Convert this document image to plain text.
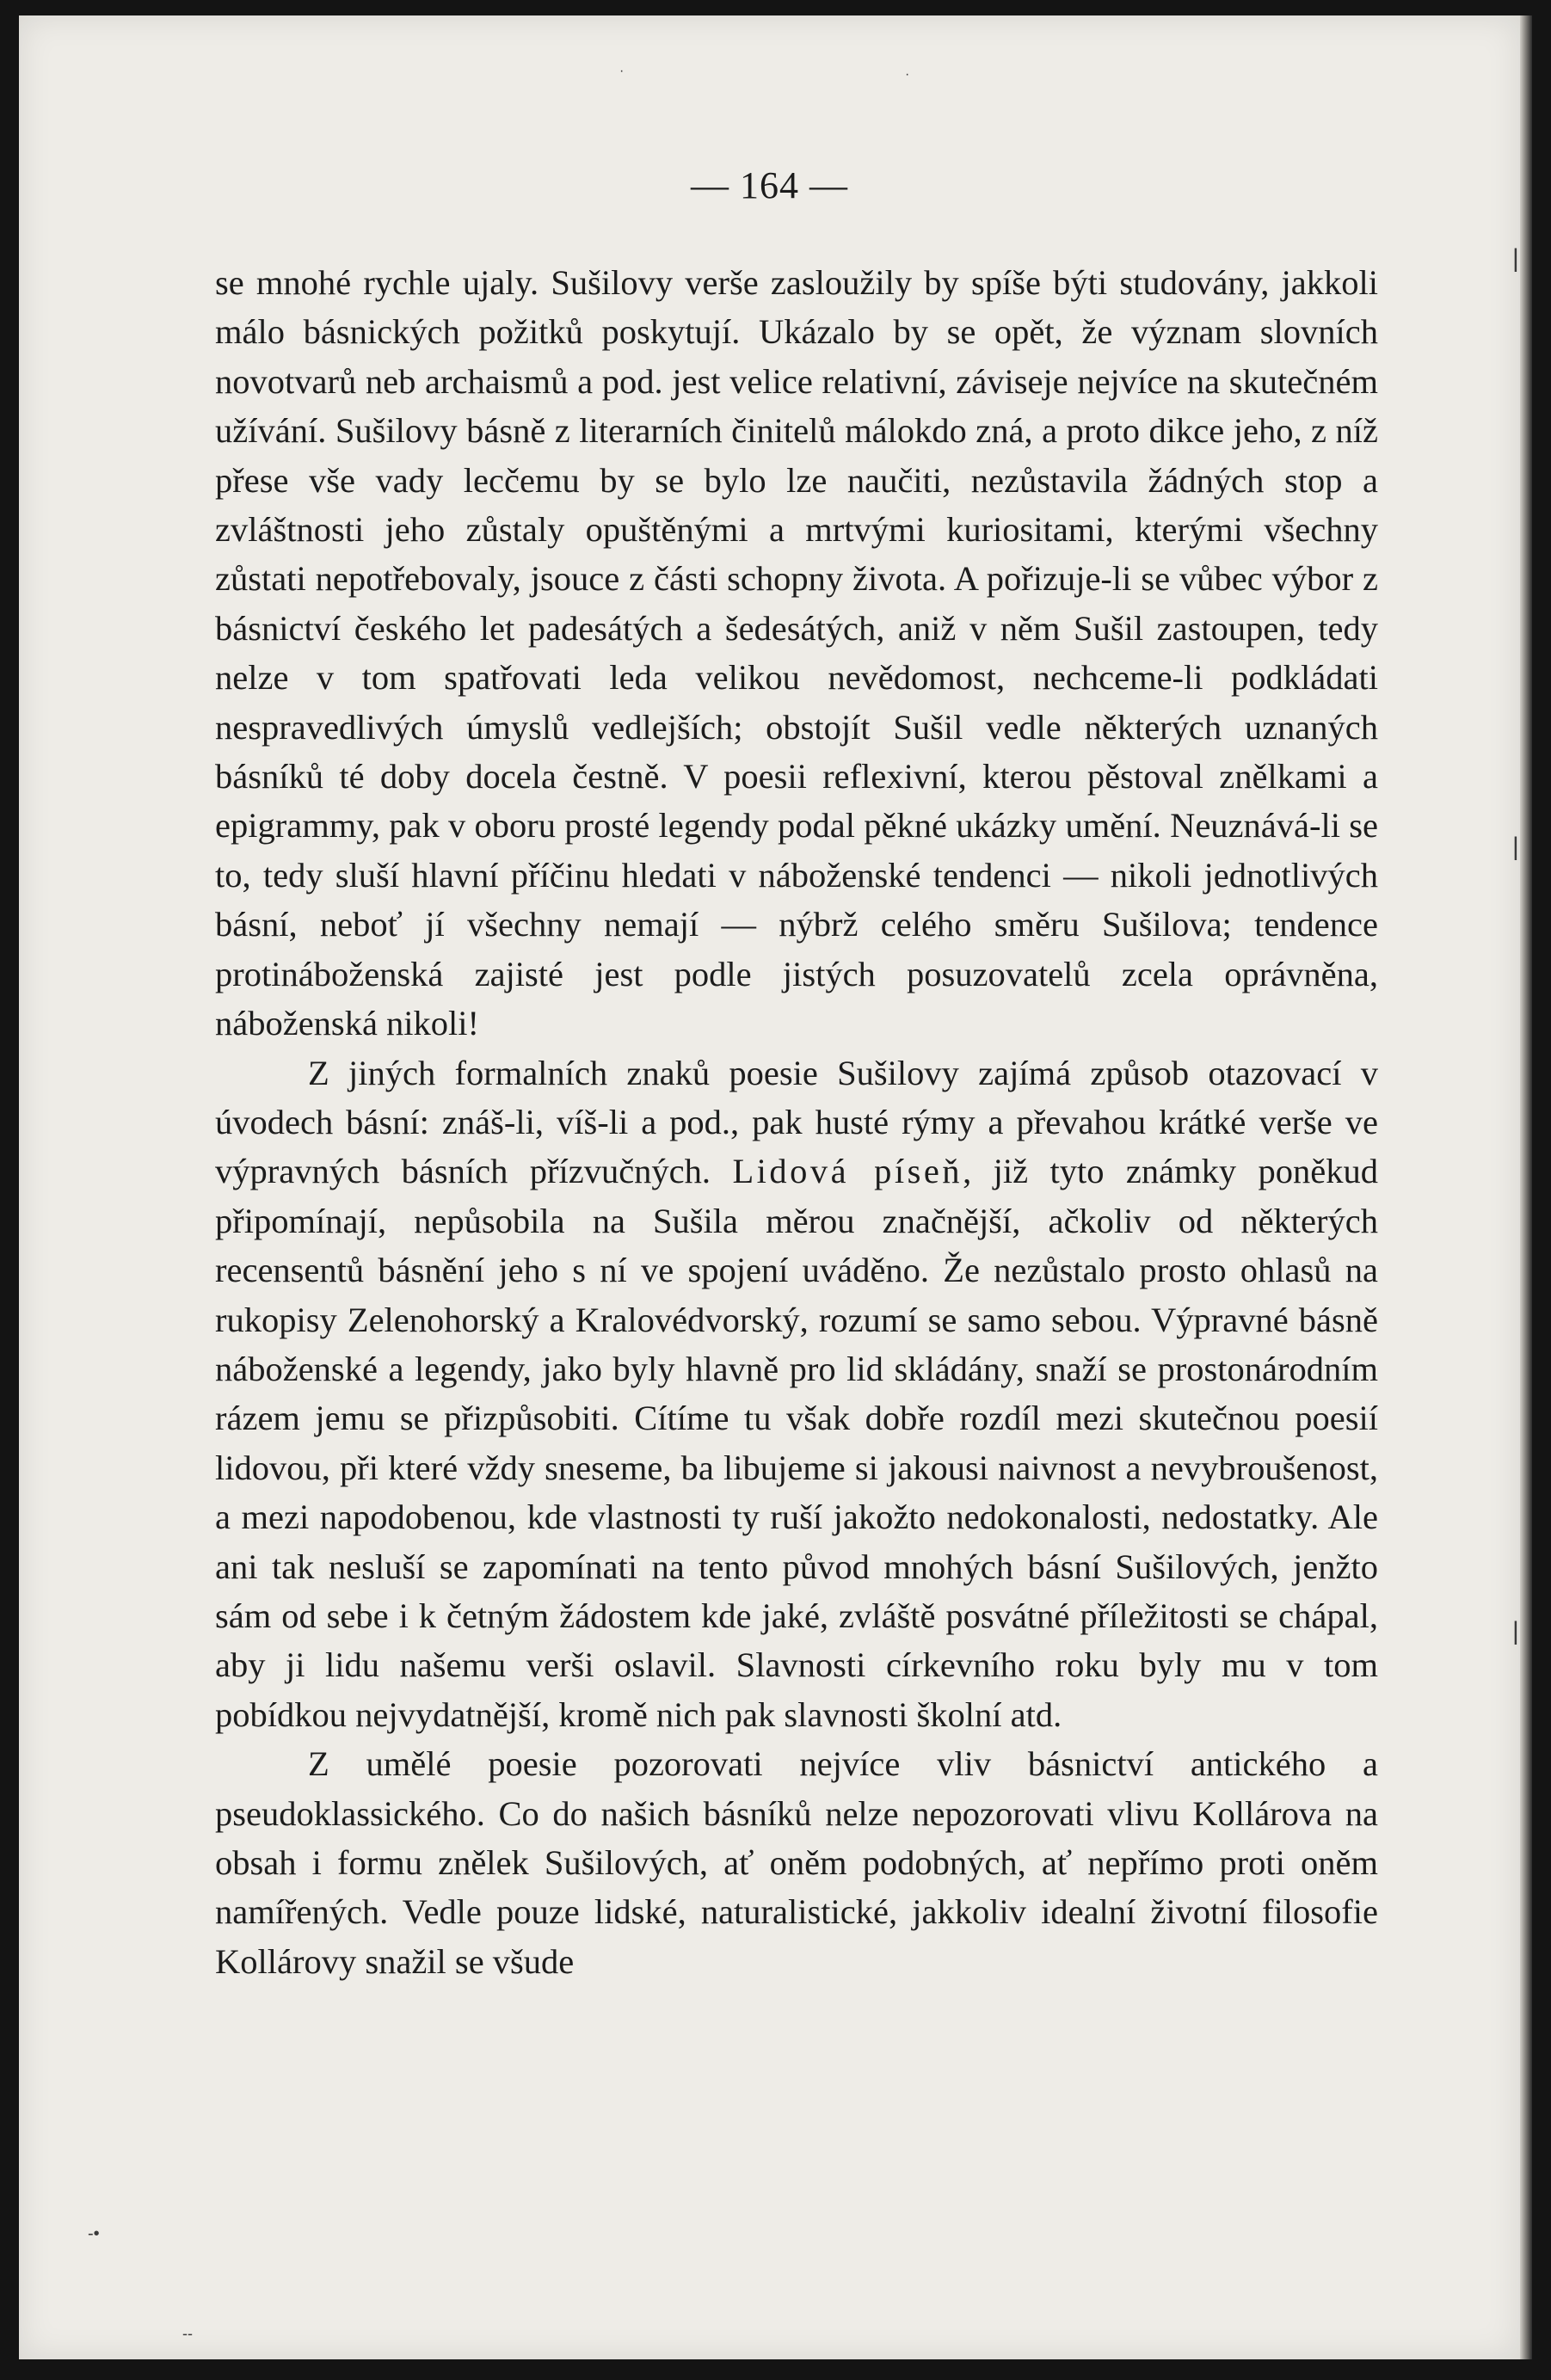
— 164 —

se mnohé rychle ujaly. Sušilovy verše zasloužily by spíše býti studovány, jakkoli málo básnických požitků poskytují. Ukázalo by se opět, že význam slovních novotvarů neb archaismů a pod. jest velice relativní, záviseje nejvíce na skutečném užívání. Sušilovy básně z literarních činitelů málokdo zná, a proto dikce jeho, z níž přese vše vady lecčemu by se bylo lze naučiti, nezůstavila žádných stop a zvláštnosti jeho zůstaly opuštěnými a mrtvými kuriositami, kterými všechny zůstati nepotřebovaly, jsouce z části schopny života. A pořizuje-li se vůbec výbor z básnictví českého let padesátých a šedesátých, aniž v něm Sušil zastoupen, tedy nelze v tom spatřovati leda velikou nevědomost, nechceme-li podkládati nespravedlivých úmyslů vedlejších; obstojít Sušil vedle některých uznaných básníků té doby docela čestně. V poesii reflexivní, kterou pěstoval znělkami a epigrammy, pak v oboru prosté legendy podal pěkné ukázky umění. Neuznává-li se to, tedy sluší hlavní příčinu hledati v náboženské tendenci — nikoli jednotlivých básní, neboť jí všechny nemají — nýbrž celého směru Sušilova; tendence protináboženská zajisté jest podle jistých posuzovatelů zcela oprávněna, náboženská nikoli!

Z jiných formalních znaků poesie Sušilovy zajímá způsob otazovací v úvodech básní: znáš-li, víš-li a pod., pak husté rýmy a převahou krátké verše ve výpravných básních přízvučných. Lidová píseň, již tyto známky poněkud připomínají, nepůsobila na Sušila měrou značnější, ačkoliv od některých recensentů básnění jeho s ní ve spojení uváděno. Že nezůstalo prosto ohlasů na rukopisy Zelenohorský a Kralovédvorský, rozumí se samo sebou. Výpravné básně náboženské a legendy, jako byly hlavně pro lid skládány, snaží se prostonárodním rázem jemu se přizpůsobiti. Cítíme tu však dobře rozdíl mezi skutečnou poesií lidovou, při které vždy sneseme, ba libujeme si jakousi naivnost a nevybroušenost, a mezi napodobenou, kde vlastnosti ty ruší jakožto nedokonalosti, nedostatky. Ale ani tak nesluší se zapomínati na tento původ mnohých básní Sušilových, jenžto sám od sebe i k četným žádostem kde jaké, zvláště posvátné příležitosti se chápal, aby ji lidu našemu verši oslavil. Slavnosti církevního roku byly mu v tom pobídkou nejvydatnější, kromě nich pak slavnosti školní atd.

Z umělé poesie pozorovati nejvíce vliv básnictví antického a pseudoklassického. Co do našich básníků nelze nepozorovati vlivu Kollárova na obsah i formu znělek Sušilových, ať oněm podobných, ať nepřímo proti oněm namířených. Vedle pouze lidské, naturalistické, jakkoliv idealní životní filosofie Kollárovy snažil se všude

·	·
|
|
|
-•
-‐
